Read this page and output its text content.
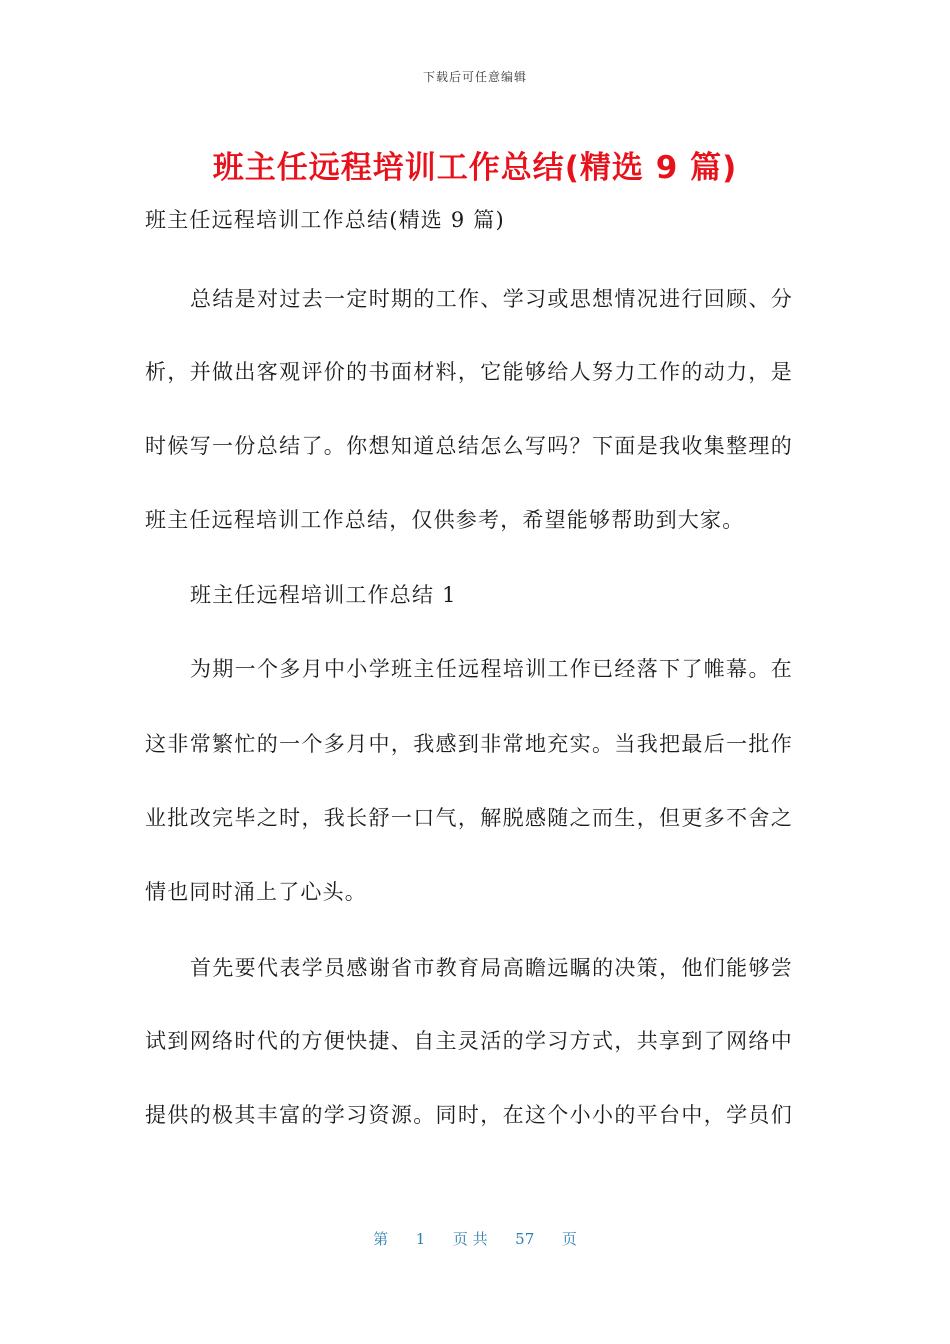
下载后可任意编辑
班主任远程培训工作总结(精选 9 篇)
班主任远程培训工作总结(精选 9 篇)
总结是对过去一定时期的工作、学习或思想情况进行回顾、分
析，并做出客观评价的书面材料，它能够给人努力工作的动力，是
时候写一份总结了。你想知道总结怎么写吗？下面是我收集整理的
班主任远程培训工作总结，仅供参考，希望能够帮助到大家。
班主任远程培训工作总结 1
为期一个多月中小学班主任远程培训工作已经落下了帷幕。在
这非常繁忙的一个多月中，我感到非常地充实。当我把最后一批作
业批改完毕之时，我长舒一口气，解脱感随之而生，但更多不舍之
情也同时涌上了心头。
首先要代表学员感谢省市教育局高瞻远瞩的决策，他们能够尝
试到网络时代的方便快捷、自主灵活的学习方式，共享到了网络中
提供的极其丰富的学习资源。同时，在这个小小的平台中，学员们
第 1 页 共 57 页
